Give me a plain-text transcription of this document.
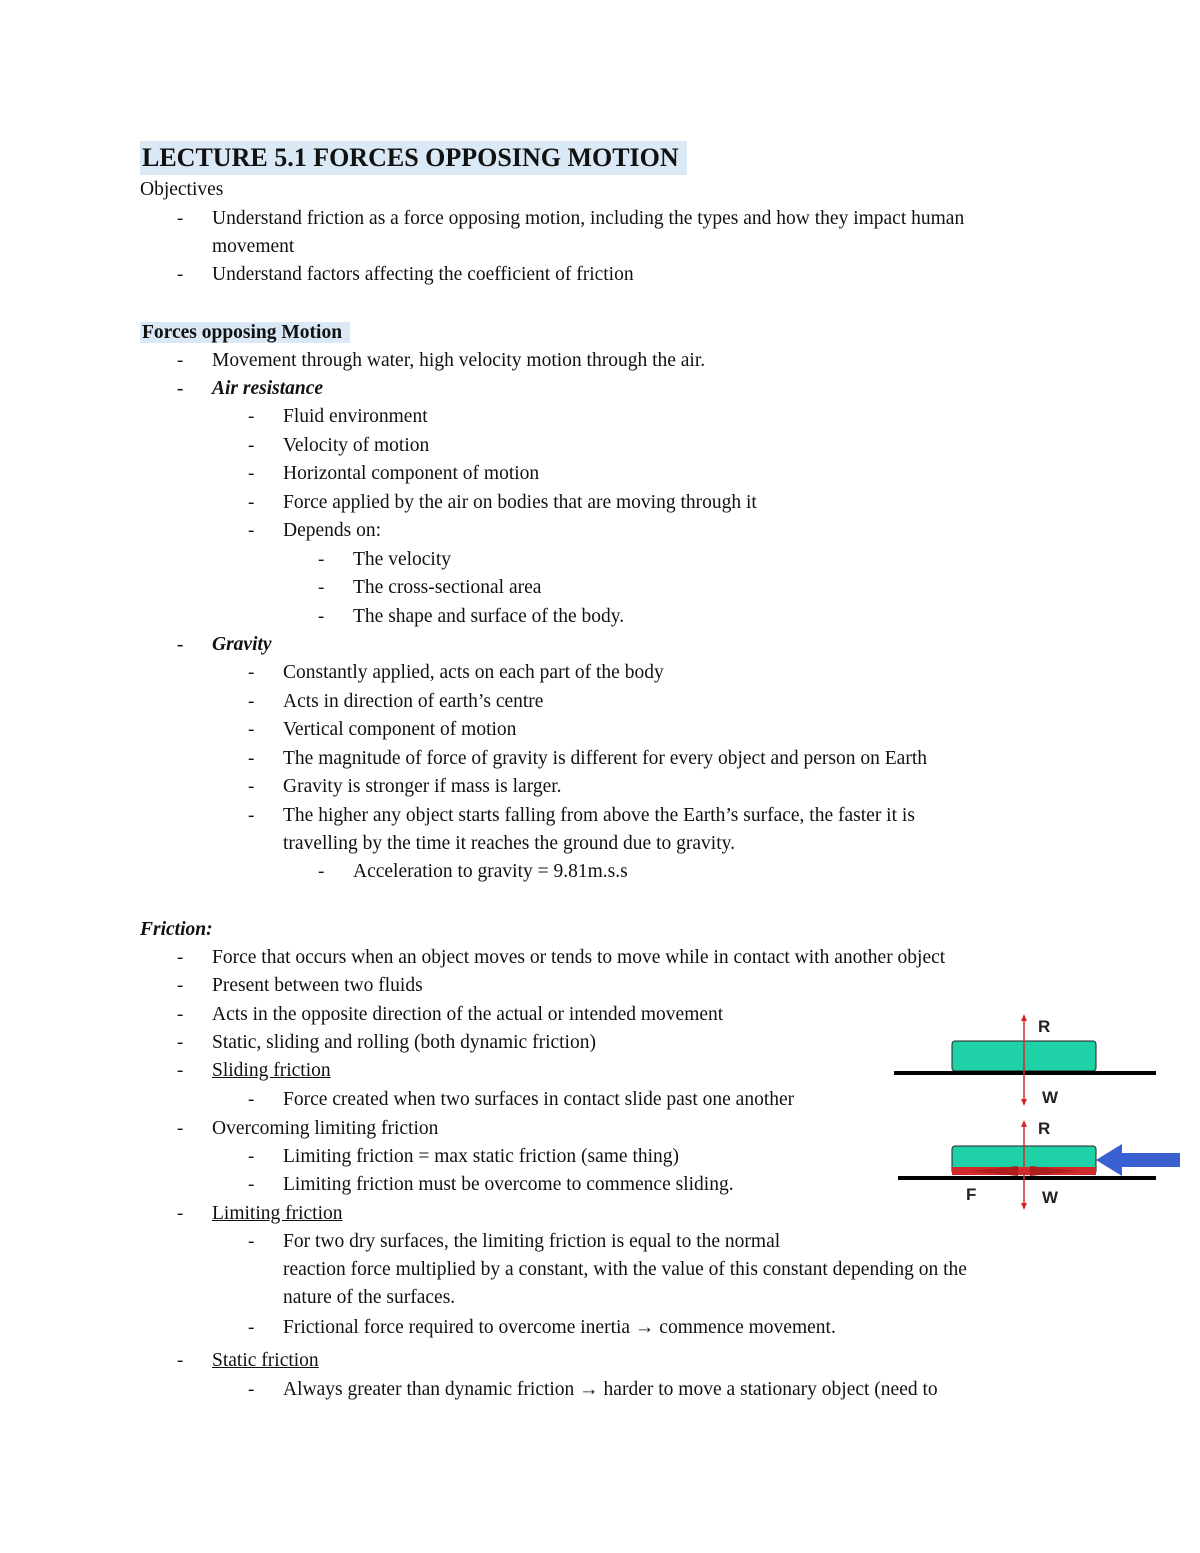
LECTURE 5.1 FORCES OPPOSING MOTION
Objectives
- Understand friction as a force opposing motion, including the types and how they impact human
movement
- Understand factors affecting the coefficient of friction
Forces opposing Motion
- Movement through water, high velocity motion through the air.
- Air resistance
- Fluid environment
- Velocity of motion
- Horizontal component of motion
- Force applied by the air on bodies that are moving through it
- Depends on:
- The velocity
- The cross-sectional area
- The shape and surface of the body.
- Gravity
- Constantly applied, acts on each part of the body
- Acts in direction of earth’s centre
- Vertical component of motion
- The magnitude of force of gravity is different for every object and person on Earth
- Gravity is stronger if mass is larger.
- The higher any object starts falling from above the Earth’s surface, the faster it is
travelling by the time it reaches the ground due to gravity.
- Acceleration to gravity = 9.81m.s.s
Friction:
- Force that occurs when an object moves or tends to move while in contact with another object
- Present between two fluids
- Acts in the opposite direction of the actual or intended movement
- Static, sliding and rolling (both dynamic friction)
- Sliding friction
- Force created when two surfaces in contact slide past one another
- Overcoming limiting friction
- Limiting friction = max static friction (same thing)
- Limiting friction must be overcome to commence sliding.
- Limiting friction
- For two dry surfaces, the limiting friction is equal to the normal
reaction force multiplied by a constant, with the value of this constant depending on the
nature of the surfaces.
- Frictional force required to overcome inertia → commence movement.
- Static friction
- Always greater than dynamic friction → harder to move a stationary object (need to
R
W
R
F	W
